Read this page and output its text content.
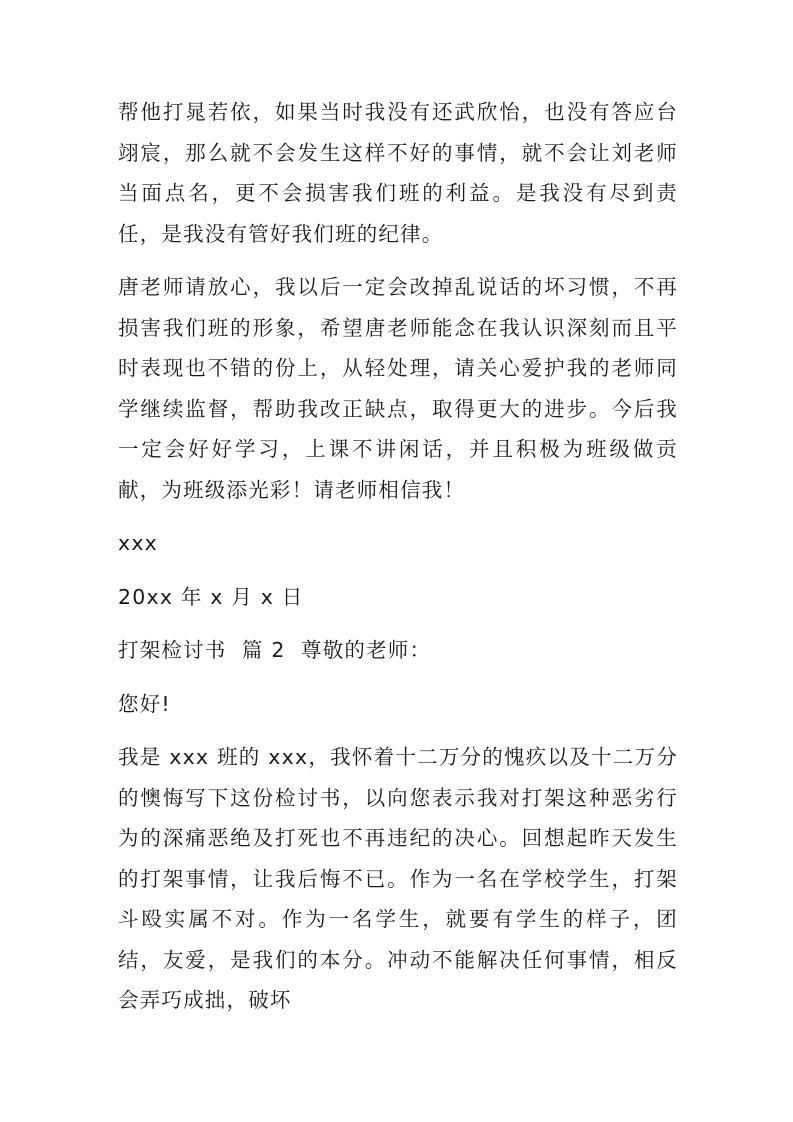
帮他打晁若依，如果当时我没有还武欣怡，也没有答应台翊宸，那么就不会发生这样不好的事情，就不会让刘老师当面点名，更不会损害我们班的利益。是我没有尽到责任，是我没有管好我们班的纪律。

唐老师请放心，我以后一定会改掉乱说话的坏习惯，不再损害我们班的形象，希望唐老师能念在我认识深刻而且平时表现也不错的份上，从轻处理，请关心爱护我的老师同学继续监督，帮助我改正缺点，取得更大的进步。今后我一定会好好学习，上课不讲闲话，并且积极为班级做贡献，为班级添光彩！请老师相信我！

xxx

20xx 年 x 月 x 日

打架检讨书  篇 2  尊敬的老师：

您好!

我是 xxx 班的 xxx，我怀着十二万分的愧疚以及十二万分的懊悔写下这份检讨书，以向您表示我对打架这种恶劣行为的深痛恶绝及打死也不再违纪的决心。回想起昨天发生的打架事情，让我后悔不已。作为一名在学校学生，打架斗殴实属不对。作为一名学生，就要有学生的样子，团结，友爱，是我们的本分。冲动不能解决任何事情，相反会弄巧成拙，破坏
